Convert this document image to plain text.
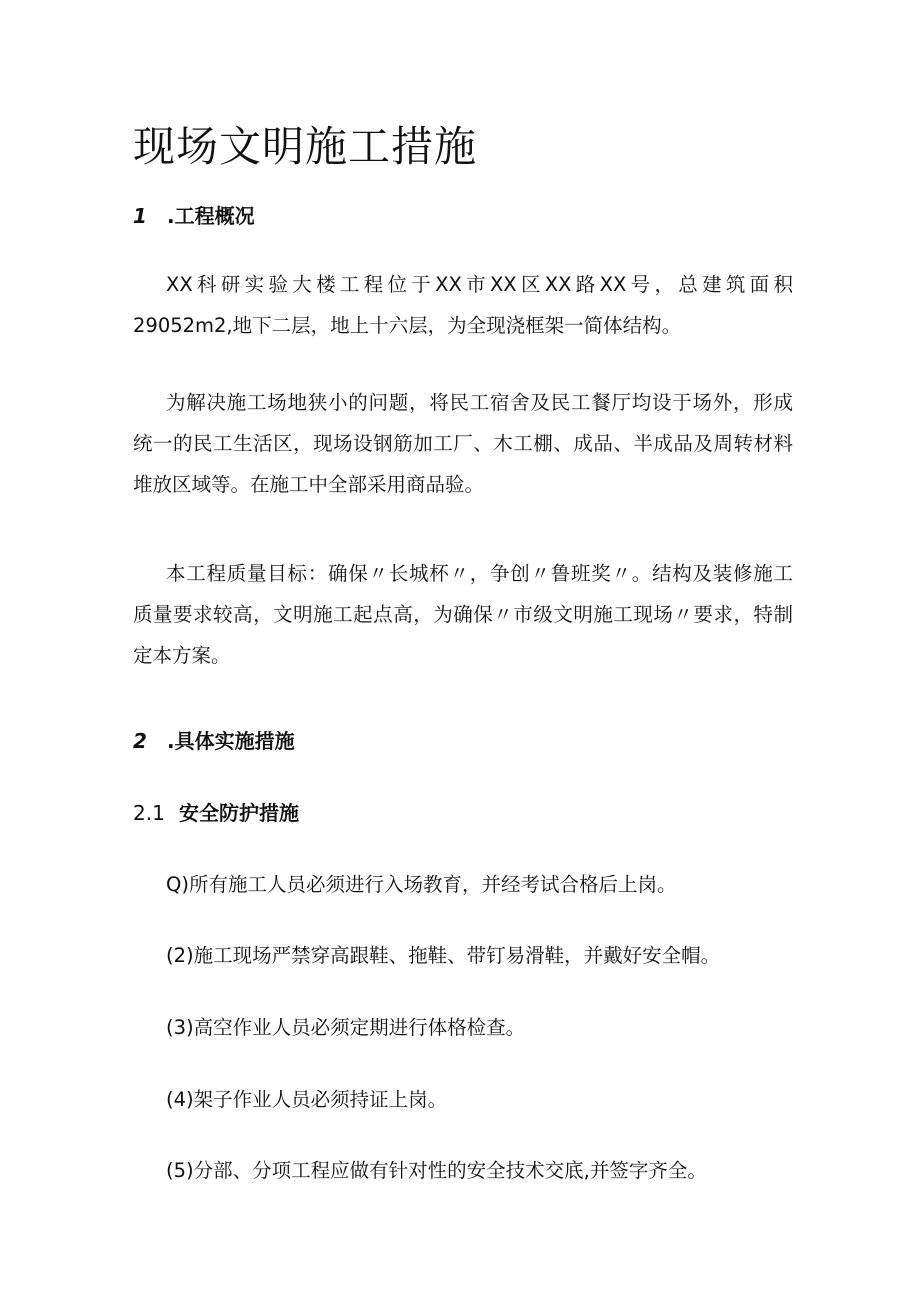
现场文明施工措施
1 .工程概况
XX科研实验大楼工程位于XX市XX区XX路XX号，总建筑面积
29052m2,地下二层，地上十六层，为全现浇框架一简体结构。
为解决施工场地狭小的问题，将民工宿舍及民工餐厅均设于场外，形成
统一的民工生活区，现场设钢筋加工厂、木工棚、成品、半成品及周转材料
堆放区域等。在施工中全部采用商品验。
本工程质量目标：确保〃长城杯〃，争创〃鲁班奖〃。结构及装修施工
质量要求较高，文明施工起点高，为确保〃市级文明施工现场〃要求，特制
定本方案。
2 .具体实施措施
2.1 安全防护措施

Q)所有施工人员必须进行入场教育，并经考试合格后上岗。

(2)施工现场严禁穿高跟鞋、拖鞋、带钉易滑鞋，并戴好安全帽。

(3)高空作业人员必须定期进行体格检查。

(4)架子作业人员必须持证上岗。

(5)分部、分项工程应做有针对性的安全技术交底,并签字齐全。
